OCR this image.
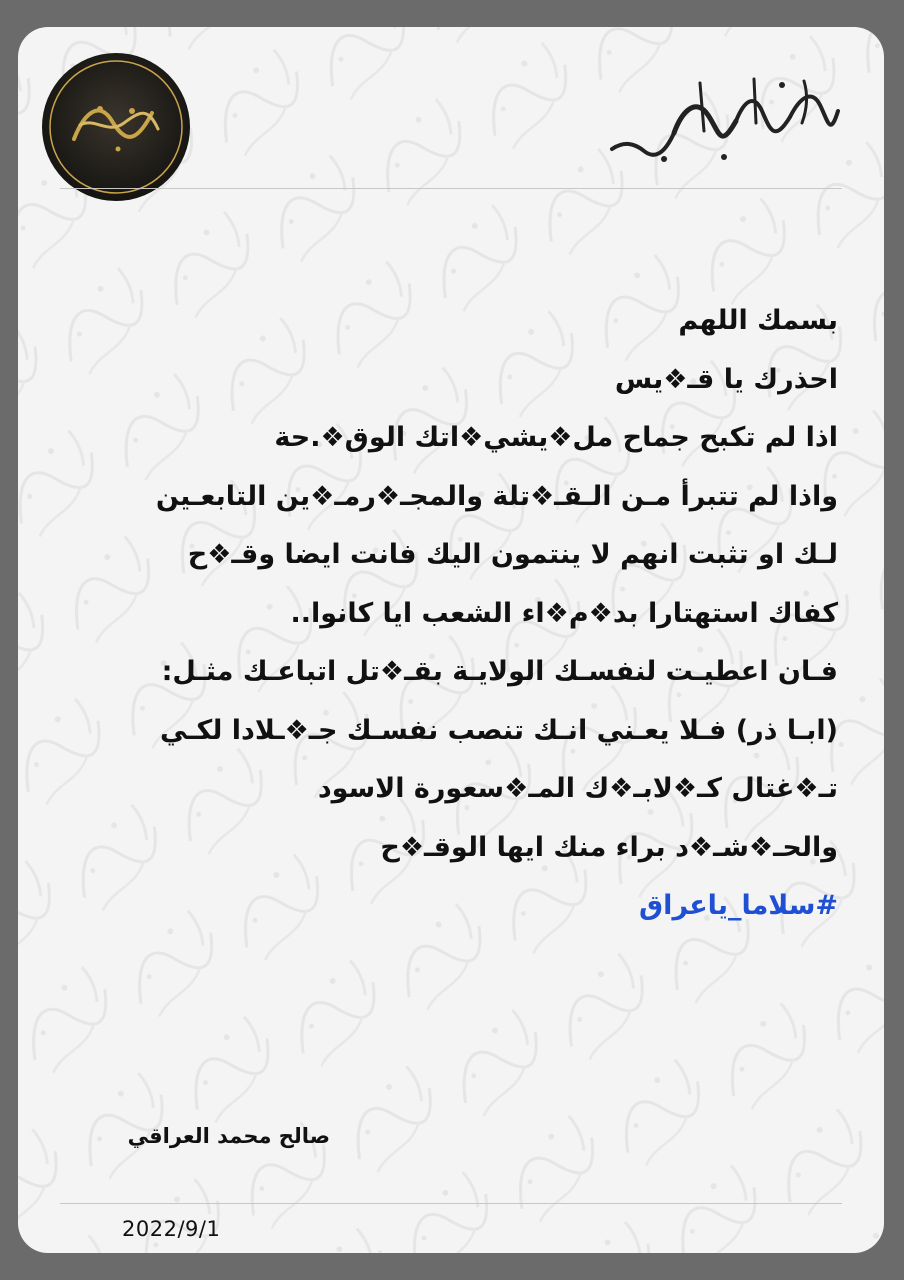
بسمك اللهم
احذرك يا قـ❖يس
اذا لم تكبح جماح مل❖يشي❖اتك الوق❖.حة
واذا لم تتبرأ مـن الـقـ❖تلة والمجـ❖رمـ❖ين التابعـين
لـك او تثبت انهم لا ينتمون اليك فانت ايضا وقـ❖ح
كفاك استهتارا بد❖م❖اء الشعب ايا كانوا..
فـان اعطيـت لنفسـك الولايـة بقـ❖تل اتباعـك مثـل:
(ابـا ذر) فـلا يعـني انـك تنصب نفسـك جـ❖ـلادا لكـي
تـ❖غتال كـ❖لابـ❖ك المـ❖سعورة الاسود
والحـ❖شـ❖د براء منك ايها الوقـ❖ح
#سلاما_ياعراق
صالح محمد العراقي
2022/9/1
